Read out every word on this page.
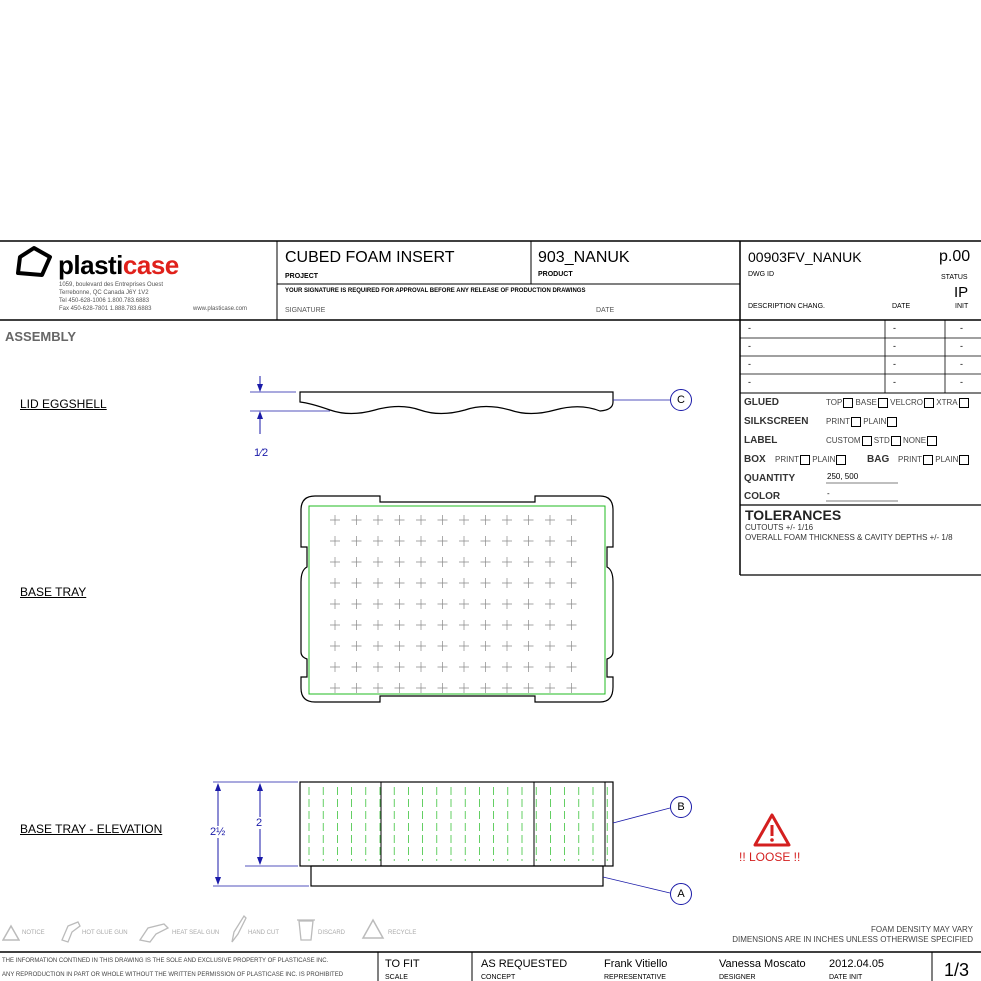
plasticase
1059, boulevard des Entreprises Ouest
Terrebonne, QC Canada J6Y 1V2
Tel 450-628-1006 1.800.783.6883
Fax 450-628-7801 1.888.783.6883	www.plasticase.com
CUBED FOAM INSERT
PROJECT
903_NANUK
PRODUCT
YOUR SIGNATURE IS REQUIRED FOR APPROVAL BEFORE ANY RELEASE OF PRODUCTION DRAWINGS
SIGNATURE	DATE
00903FV_NANUK
DWG ID
p.00
STATUS
IP
DESCRIPTION CHANG.	DATE	INIT
-	-	-
-	-	-
-	-	-
-	-	-
GLUED	TOP BASE VELCRO XTRA
SILKSCREEN PRINT PLAIN
LABEL	CUSTOM STD NONE
BOX PRINT PLAIN	BAG PRINT PLAIN
QUANTITY	250, 500
COLOR	-
TOLERANCES
CUTOUTS +/- 1/16
OVERALL FOAM THICKNESS & CAVITY DEPTHS +/- 1/8
ASSEMBLY
LID EGGSHELL
BASE TRAY
BASE TRAY - ELEVATION
1⁄2
C
2½
2
B
A
!! LOOSE !!
NOTICE	HOT GLUE GUN	HEAT SEAL GUN	HAND CUT	DISCARD	RECYCLE	FOAM DENSITY MAY VARY
DIMENSIONS ARE IN INCHES UNLESS OTHERWISE SPECIFIED
THE INFORMATION CONTINED IN THIS DRAWING IS THE SOLE AND EXCLUSIVE PROPERTY OF PLASTICASE INC.
ANY REPRODUCTION IN PART OR WHOLE WITHOUT THE WRITTEN PERMISSION OF PLASTICASE INC. IS PROHIBITED
TO FIT
SCALE
AS REQUESTED
CONCEPT
Frank Vitiello
REPRESENTATIVE
Vanessa Moscato
DESIGNER
2012.04.05
DATE INIT	1/3
